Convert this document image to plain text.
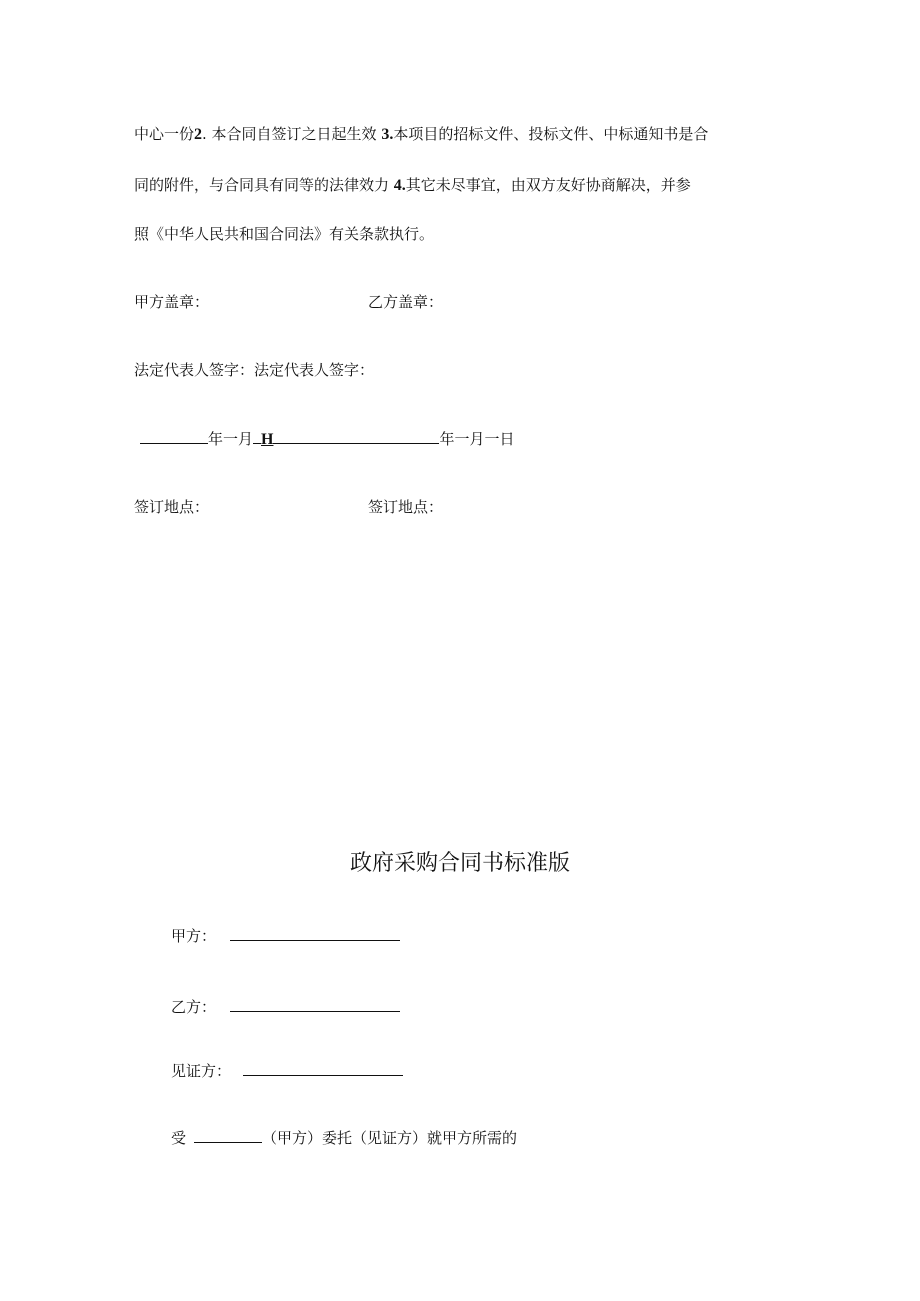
中心一份2. 本合同自签订之日起生效 3.本项目的招标文件、投标文件、中标通知书是合
同的附件，与合同具有同等的法律效力 4.其它未尽事宜，由双方友好协商解决，并参
照《中华人民共和国合同法》有关条款执行。
甲方盖章：	乙方盖章：
法定代表人签字：法定代表人签字：
年一月 H	年一月一日
签订地点：	签订地点：
政府采购合同书标准版
甲方：
乙方：
见证方：
受	（甲方）委托（见证方）就甲方所需的
